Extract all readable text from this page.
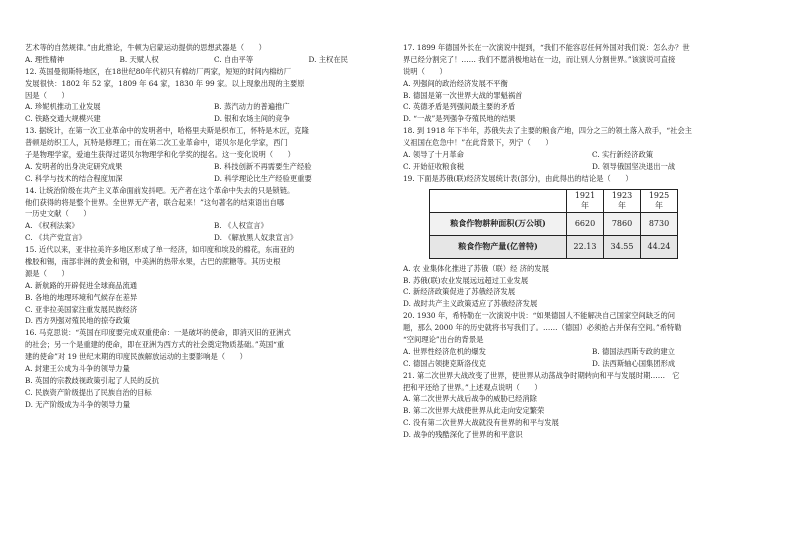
艺术等的自然规律。”由此推论，牛顿为启蒙运动提供的思想武器是（　　）
A. 理性精神	B. 天赋人权	C. 自由平等	D. 主权在民
12. 英国曼彻斯特地区，在18世纪80年代初只有棉纺厂两家，短短的时间内棉纺厂
发展很快：1802 年 52 家，1809 年 64 家，1830 年 99 家。以上现象出现的主要原
因是（　　）
A. 珍妮机推动工业发展	B. 蒸汽动力的普遍推广
C. 铁路交通大规模兴建	D. 银和农场主间的竞争
13. 据统计，在第一次工业革命中的发明者中，哈格里夫斯是织布工，怀特是木匠，克隆
普顿是纺织工人，瓦特是修理工；而在第二次工业革命中，诺贝尔是化学家，西门
子是物理学家，爱迪生获得过诺贝尔物理学和化学奖的提名。这一变化说明（　　）
A. 发明者的出身决定研究成果	B. 科技创新不再需要生产经验
C. 科学与技术的结合程度加深	D. 科学理论比生产经验更重要
14. 让统治阶级在共产主义革命面前发抖吧。无产者在这个革命中失去的只是锁链。
他们获得的将是整个世界。全世界无产者，联合起来！”这句著名的结束语出自哪
一历史文献（　　）
A. 《权利法案》	B. 《人权宣言》
C. 《共产党宣言》	D. 《解放黑人奴隶宣言》
15. 近代以来，亚非拉美许多地区形成了单一经济，如印度和埃及的棉花，东南亚的
橡胶和锡，南部非洲的黄金和钢，中美洲的热带水果，古巴的蔗糖等。其历史根
源是（　　）
A. 新航路的开辟促进全球商品流通
B. 各地的地理环境和气候存在差异
C. 亚非拉美国家注重发展民族经济
D. 西方列强对殖民地的掠夺政策
16. 马克思说：“英国在印度要完成双重使命：一是破坏的使命，即消灭旧的亚洲式
的社会；另一个是重建的使命，即在亚洲为西方式的社会奠定物质基础。”英国“重
建的使命”对 19 世纪末期的印度民族解放运动的主要影响是（　　）
A. 封建王公成为斗争的领导力量
B. 英国的宗教歧视政策引起了人民的反抗
C. 民族资产阶级提出了民族自治的目标
D. 无产阶级成为斗争的领导力量
17. 1899 年德国外长在一次演说中提到，“我们不能容忍任何外国对我们说：怎么办？世
界已经分割完了！…… 我们不愿消极地站在一边，而让别人分割世界。”该演说可直接
说明（　　）
A. 列强间的政治经济发展不平衡
B. 德国是第一次世界大战的罪魁祸首
C. 英德矛盾是列强间最主要的矛盾
D. “一战”是列强争夺殖民地的结果
18. 到 1918 年下半年，苏俄失去了主要的粮食产地，四分之三的领土落入敌手，“社会主
义祖国在危急中！”在此背景下，列宁（　　）
A. 领导了十月革命	C. 实行新经济政策
C. 开始征收粮食税	D. 领导俄国坚决退出一战
19. 下面是苏俄(联)经济发展统计表(部分)，由此得出的结论是（　　）
	1921 年	1923 年	1925 年
粮食作物耕种面积(万公顷)	6620	7860	8730
粮食作物产量(亿普特)	22.13	34.55	44.24
A. 农 业集体化推进了苏俄（联）经 济的发展
B. 苏俄(联)农业发展远远超过工业发展
C. 新经济政策促进了苏俄经济发展
D. 战时共产主义政策适应了苏俄经济发展
20. 1930 年，希特勒在一次演说中说：“如果德国人不能解决自己国家空间缺乏的问
题，那么 2000 年的历史就将书写我们了。……（德国）必须抢占并保有空间。”希特勒
“空间理论”出台的背景是
A. 世界性经济危机的爆发	B. 德国法西斯专政的建立
C. 德国占领捷克斯洛伐克	D. 法西斯轴心国集团形成
21. 第二次世界大战改变了世界，使世界从动荡战争时期转向和平与发展时期……　它
把和平还给了世界。”上述观点说明（　　）
A. 第二次世界大战后战争的威胁已经消除
B. 第二次世界大战使世界从此走向安定繁荣
C. 没有第二次世界大战就没有世界的和平与发展
D. 战争的残酷深化了世界的和平意识
